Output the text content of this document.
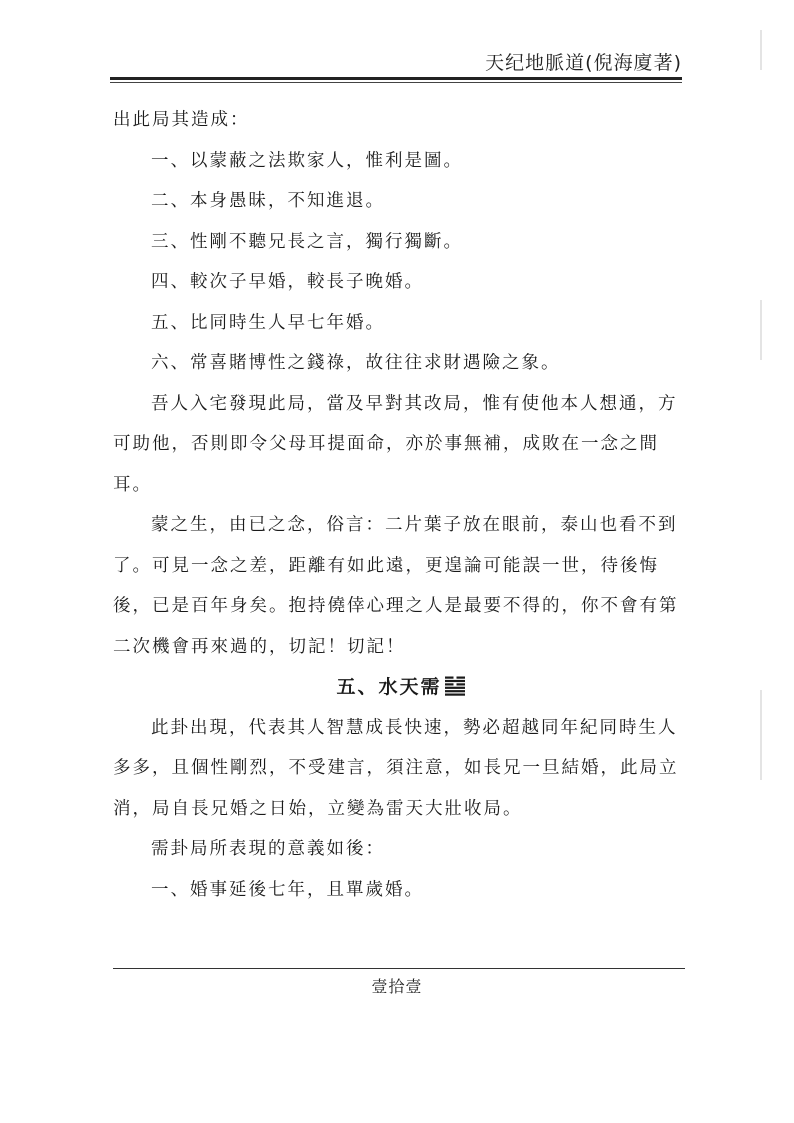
天纪地脈道(倪海廈著)

出此局其造成：

一、以蒙蔽之法欺家人，惟利是圖。

二、本身愚昧，不知進退。

三、性剛不聽兄長之言，獨行獨斷。

四、較次子早婚，較長子晚婚。

五、比同時生人早七年婚。

六、常喜賭博性之錢祿，故往往求財遇險之象。

吾人入宅發現此局，當及早對其改局，惟有使他本人想通，方可助他，否則即令父母耳提面命，亦於事無補，成敗在一念之間耳。

蒙之生，由已之念，俗言：二片葉子放在眼前，泰山也看不到了。可見一念之差，距離有如此遠，更遑論可能誤一世，待後悔後，已是百年身矣。抱持僥倖心理之人是最要不得的，你不會有第二次機會再來過的，切記！切記！

五、水天需

此卦出現，代表其人智慧成長快速，勢必超越同年紀同時生人多多，且個性剛烈，不受建言，須注意，如長兄一旦結婚，此局立消，局自長兄婚之日始，立變為雷天大壯收局。

需卦局所表現的意義如後：

一、婚事延後七年，且單歲婚。

壹拾壹
